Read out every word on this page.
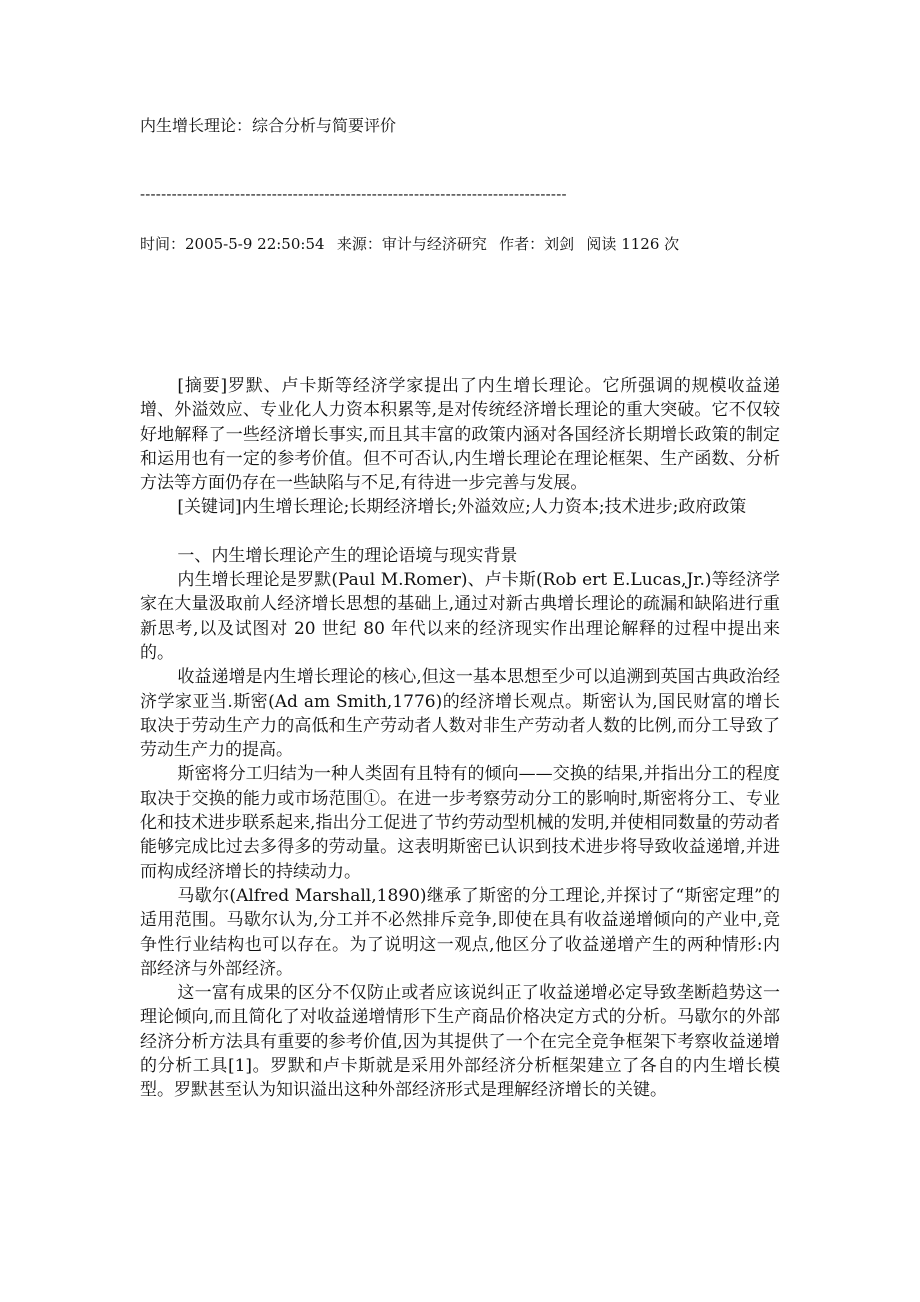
内生增长理论：综合分析与简要评价
---------------------------------------------------------------------------------
时间：2005-5-9 22:50:54 来源：审计与经济研究 作者：刘剑 阅读 1126 次

[摘要]罗默、卢卡斯等经济学家提出了内生增长理论。它所强调的规模收益递增、外溢效应、专业化人力资本积累等,是对传统经济增长理论的重大突破。它不仅较好地解释了一些经济增长事实,而且其丰富的政策内涵对各国经济长期增长政策的制定和运用也有一定的参考价值。但不可否认,内生增长理论在理论框架、生产函数、分析方法等方面仍存在一些缺陷与不足,有待进一步完善与发展。

[关键词]内生增长理论;长期经济增长;外溢效应;人力资本;技术进步;政府政策

一、内生增长理论产生的理论语境与现实背景

内生增长理论是罗默(Paul M.Romer)、卢卡斯(Rob ert E.Lucas,Jr.)等经济学家在大量汲取前人经济增长思想的基础上,通过对新古典增长理论的疏漏和缺陷进行重新思考,以及试图对 20 世纪 80 年代以来的经济现实作出理论解释的过程中提出来的。

收益递增是内生增长理论的核心,但这一基本思想至少可以追溯到英国古典政治经济学家亚当.斯密(Ad am Smith,1776)的经济增长观点。斯密认为,国民财富的增长取决于劳动生产力的高低和生产劳动者人数对非生产劳动者人数的比例,而分工导致了劳动生产力的提高。

斯密将分工归结为一种人类固有且特有的倾向——交换的结果,并指出分工的程度取决于交换的能力或市场范围①。在进一步考察劳动分工的影响时,斯密将分工、专业化和技术进步联系起来,指出分工促进了节约劳动型机械的发明,并使相同数量的劳动者能够完成比过去多得多的劳动量。这表明斯密已认识到技术进步将导致收益递增,并进而构成经济增长的持续动力。

马歇尔(Alfred Marshall,1890)继承了斯密的分工理论,并探讨了“斯密定理”的适用范围。马歇尔认为,分工并不必然排斥竞争,即使在具有收益递增倾向的产业中,竞争性行业结构也可以存在。为了说明这一观点,他区分了收益递增产生的两种情形:内部经济与外部经济。

这一富有成果的区分不仅防止或者应该说纠正了收益递增必定导致垄断趋势这一理论倾向,而且简化了对收益递增情形下生产商品价格决定方式的分析。马歇尔的外部经济分析方法具有重要的参考价值,因为其提供了一个在完全竞争框架下考察收益递增的分析工具[1]。罗默和卢卡斯就是采用外部经济分析框架建立了各自的内生增长模型。罗默甚至认为知识溢出这种外部经济形式是理解经济增长的关键。
